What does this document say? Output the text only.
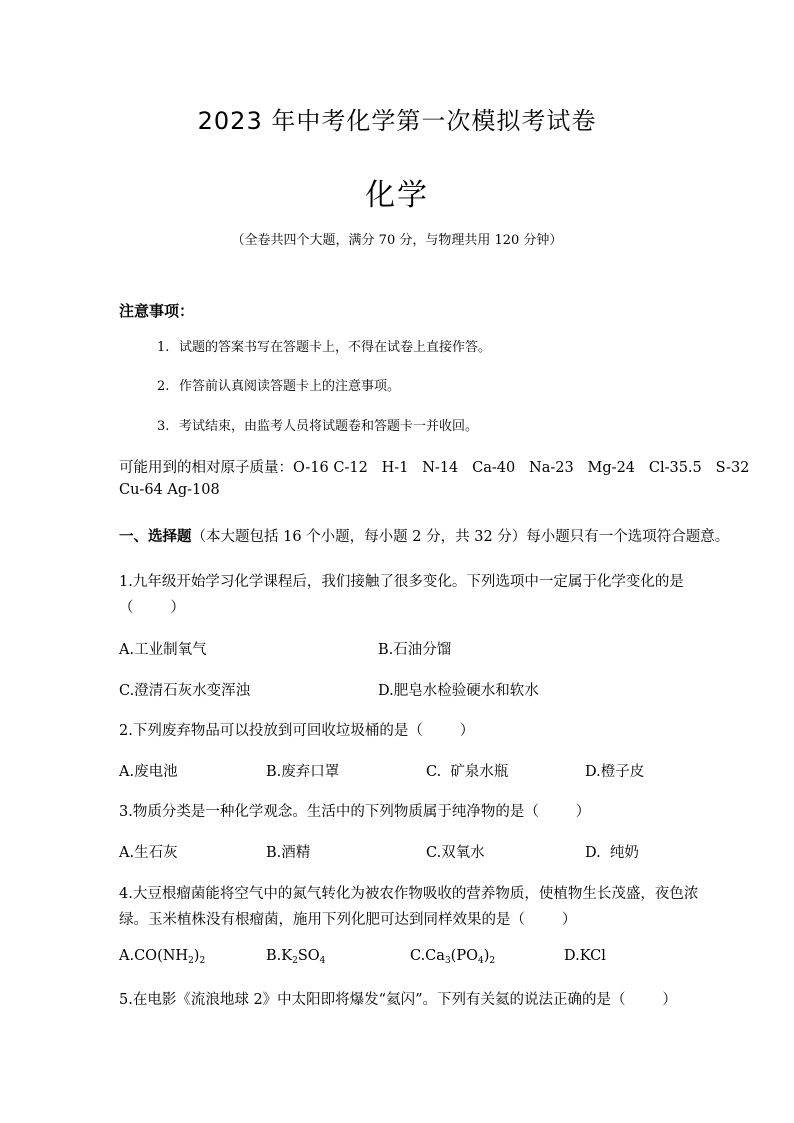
2023 年中考化学第一次模拟考试卷
化学
（全卷共四个大题，满分 70 分，与物理共用 120 分钟）
注意事项：
1. 试题的答案书写在答题卡上，不得在试卷上直接作答。
2. 作答前认真阅读答题卡上的注意事项。
3. 考试结束，由监考人员将试题卷和答题卡一并收回。
可能用到的相对原子质量：O-16 C-12   H-1   N-14   Ca-40   Na-23   Mg-24   Cl-35.5   S-32
Cu-64 Ag-108
一、选择题（本大题包括 16 个小题，每小题 2 分，共 32 分）每小题只有一个选项符合题意。
1.九年级开始学习化学课程后，我们接触了很多变化。下列选项中一定属于化学变化的是
（        ）
A.工业制氧气	B.石油分馏
C.澄清石灰水变浑浊	D.肥皂水检验硬水和软水
2.下列废弃物品可以投放到可回收垃圾桶的是（        ）
A.废电池	B.废弃口罩	C.  矿泉水瓶	D.橙子皮
3.物质分类是一种化学观念。生活中的下列物质属于纯净物的是（        ）
A.生石灰	B.酒精	C.双氧水	D.  纯奶
4.大豆根瘤菌能将空气中的氮气转化为被农作物吸收的营养物质，使植物生长茂盛，夜色浓
绿。玉米植株没有根瘤菌，施用下列化肥可达到同样效果的是（        ）
$A.CO(NH_2)_2$	$B.K_2SO_4$	$C.Ca_3(PO_4)_2$	D.KCl
5.在电影《流浪地球 2》中太阳即将爆发“氦闪”。下列有关氦的说法正确的是（        ）
